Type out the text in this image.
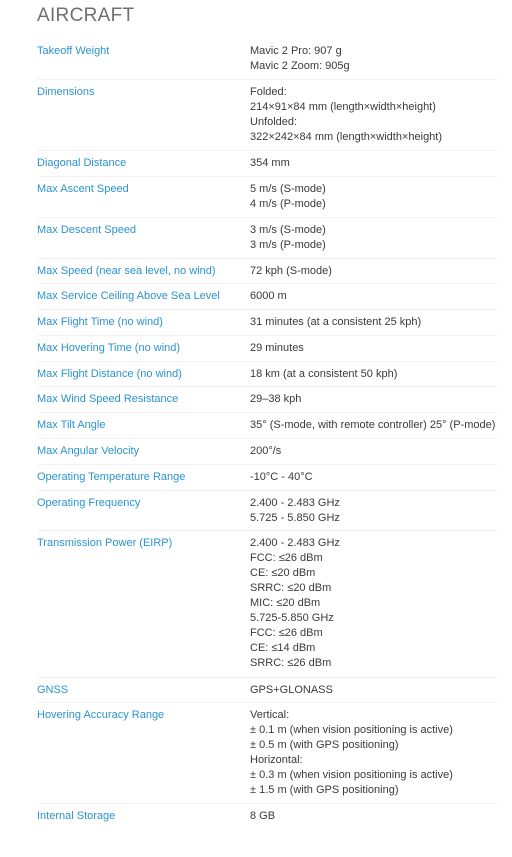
AIRCRAFT
Takeoff Weight	Mavic 2 Pro: 907 g
Mavic 2 Zoom: 905g
Dimensions	Folded:
214×91×84 mm (length×width×height)
Unfolded:
322×242×84 mm (length×width×height)
Diagonal Distance	354 mm
Max Ascent Speed	5 m/s (S-mode)
4 m/s (P-mode)
Max Descent Speed	3 m/s (S-mode)
3 m/s (P-mode)
Max Speed (near sea level, no wind)	72 kph (S-mode)
Max Service Ceiling Above Sea Level	6000 m
Max Flight Time (no wind)	31 minutes (at a consistent 25 kph)
Max Hovering Time (no wind)	29 minutes
Max Flight Distance (no wind)	18 km (at a consistent 50 kph)
Max Wind Speed Resistance	29–38 kph
Max Tilt Angle	35° (S-mode, with remote controller) 25° (P-mode)
Max Angular Velocity	200°/s
Operating Temperature Range	-10°C - 40°C
Operating Frequency	2.400 - 2.483 GHz
5.725 - 5.850 GHz
Transmission Power (EIRP)	2.400 - 2.483 GHz
FCC: ≤26 dBm
CE: ≤20 dBm
SRRC: ≤20 dBm
MIC: ≤20 dBm
5.725-5.850 GHz
FCC: ≤26 dBm
CE: ≤14 dBm
SRRC: ≤26 dBm
GNSS	GPS+GLONASS
Hovering Accuracy Range	Vertical:
± 0.1 m (when vision positioning is active)
± 0.5 m (with GPS positioning)
Horizontal:
± 0.3 m (when vision positioning is active)
± 1.5 m (with GPS positioning)
Internal Storage	8 GB
